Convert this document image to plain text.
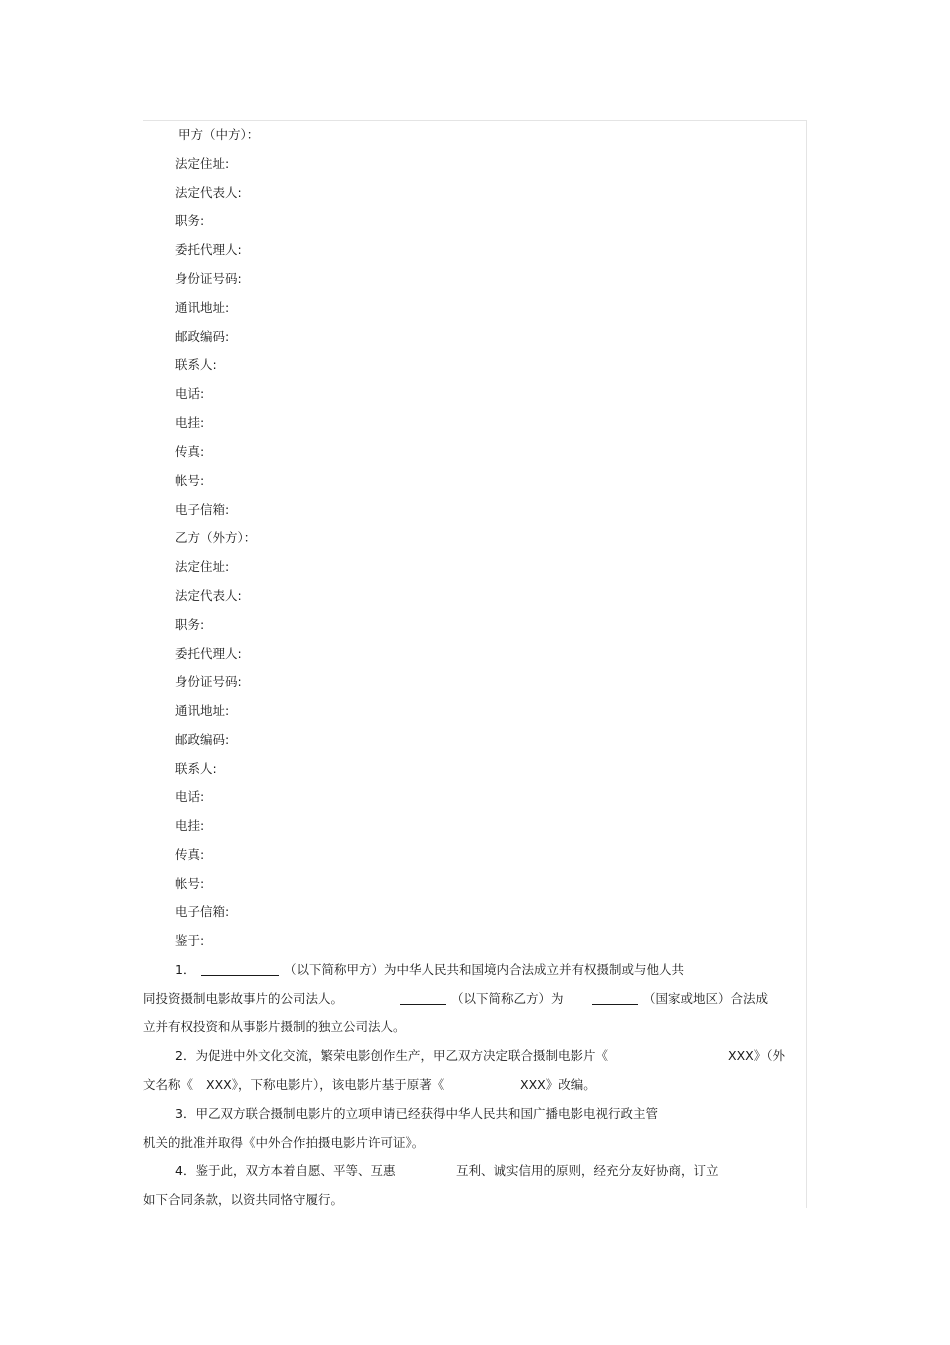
甲方（中方）：
法定住址:
法定代表人:
职务:
委托代理人:
身份证号码:
通讯地址:
邮政编码:
联系人:
电话:
电挂:
传真:
帐号:
电子信箱:
乙方（外方）：
法定住址:
法定代表人:
职务:
委托代理人:
身份证号码:
通讯地址:
邮政编码:
联系人:
电话:
电挂:
传真:
帐号:
电子信箱:
鉴于:
1．	（以下简称甲方）为中华人民共和国境内合法成立并有权摄制或与他人共
同投资摄制电影故事片的公司法人。	（以下简称乙方）为	（国家或地区）合法成
立并有权投资和从事影片摄制的独立公司法人。
2．为促进中外文化交流，繁荣电影创作生产，甲乙双方决定联合摄制电影片《	XXX》（外
文名称《 XXX》，下称电影片），该电影片基于原著《	XXX》改编。
3．甲乙双方联合摄制电影片的立项申请已经获得中华人民共和国广播电影电视行政主管
机关的批准并取得《中外合作拍摄电影片许可证》。
4．鉴于此，双方本着自愿、平等、互惠	互利、诚实信用的原则，经充分友好协商，订立
如下合同条款，以资共同恪守履行。
